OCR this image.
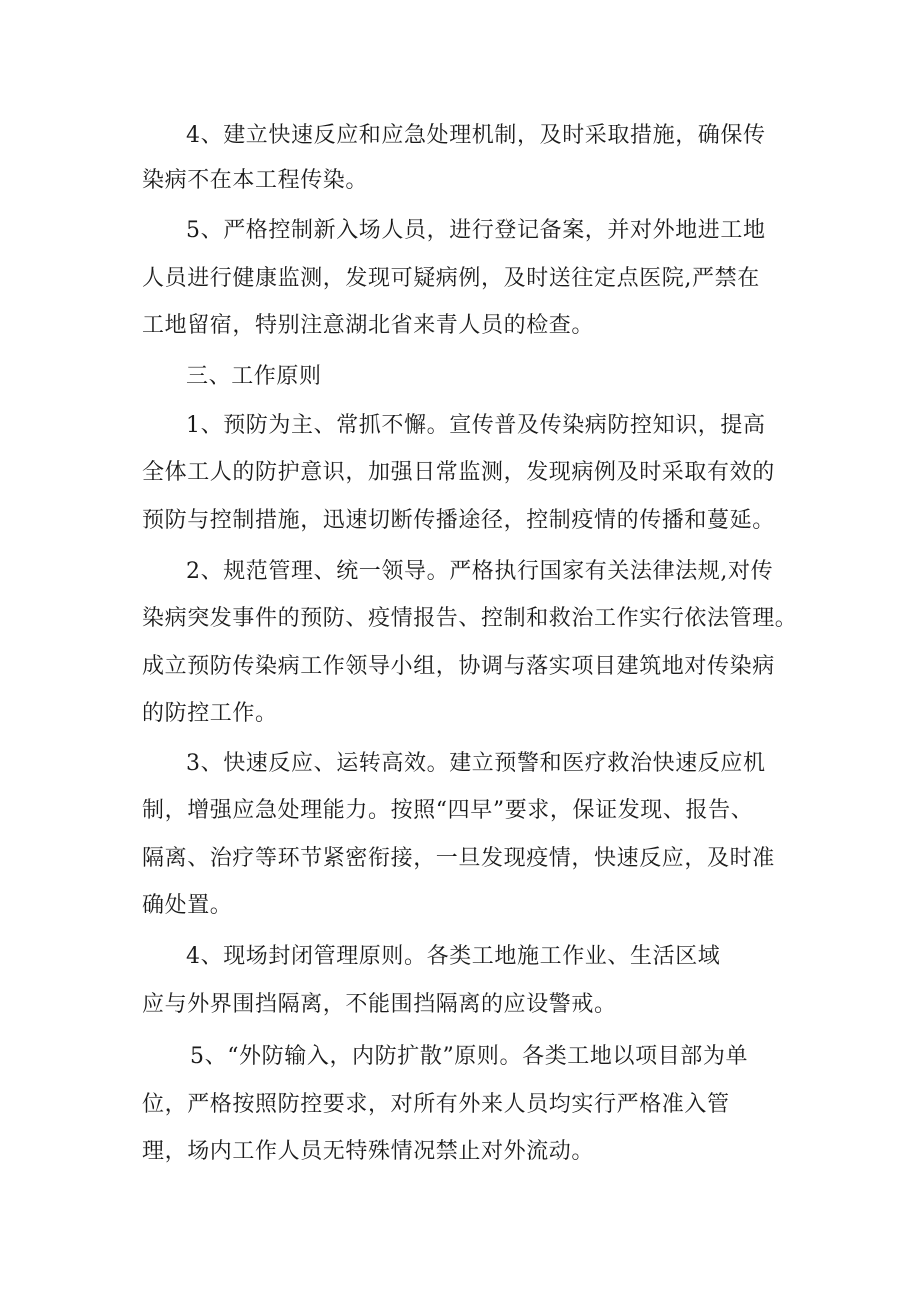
4、建立快速反应和应急处理机制，及时采取措施，确保传

染病不在本工程传染。

5、严格控制新入场人员，进行登记备案，并对外地进工地

人员进行健康监测，发现可疑病例，及时送往定点医院,严禁在

工地留宿，特别注意湖北省来青人员的检查。

三、工作原则

1、预防为主、常抓不懈。宣传普及传染病防控知识，提高

全体工人的防护意识，加强日常监测，发现病例及时采取有效的

预防与控制措施，迅速切断传播途径，控制疫情的传播和蔓延。

2、规范管理、统一领导。严格执行国家有关法律法规,对传

染病突发事件的预防、疫情报告、控制和救治工作实行依法管理。

成立预防传染病工作领导小组，协调与落实项目建筑地对传染病

的防控工作。

3、快速反应、运转高效。建立预警和医疗救治快速反应机

制，增强应急处理能力。按照“四早”要求，保证发现、报告、

隔离、治疗等环节紧密衔接，一旦发现疫情，快速反应，及时准

确处置。

4、现场封闭管理原则。各类工地施工作业、生活区域

应与外界围挡隔离，不能围挡隔离的应设警戒。

5、“外防输入，内防扩散”原则。各类工地以项目部为单

位，严格按照防控要求，对所有外来人员均实行严格准入管

理，场内工作人员无特殊情况禁止对外流动。
